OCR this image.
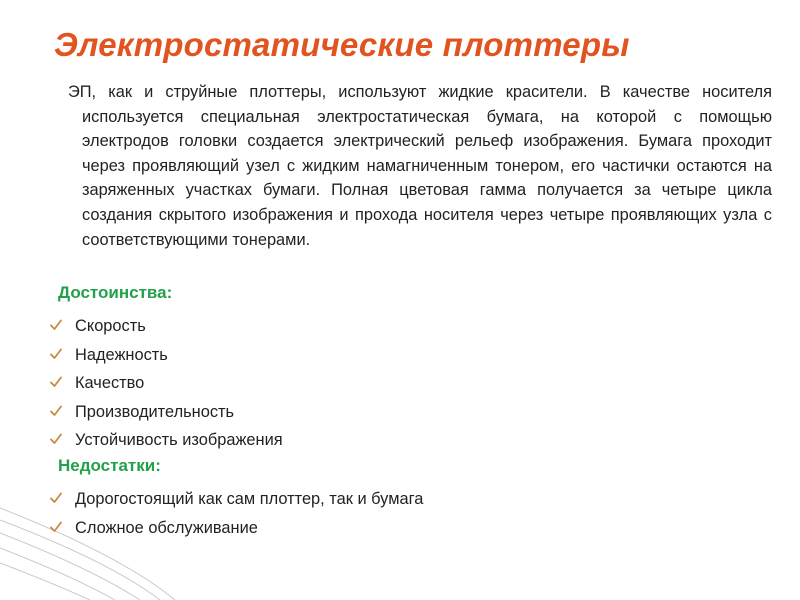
Электростатические плоттеры

ЭП, как и струйные плоттеры, используют жидкие красители. В качестве носителя используется специальная электростатическая бумага, на которой с помощью электродов головки создается электрический рельеф изображения. Бумага проходит через проявляющий узел с жидким намагниченным тонером, его частички остаются на заряженных участках бумаги. Полная цветовая гамма получается за четыре цикла создания скрытого изображения и прохода носителя через четыре проявляющих узла с соответствующими тонерами.

Достоинства:
Скорость
Надежность
Качество
Производительность
Устойчивость изображения
Недостатки:
Дорогостоящий как сам плоттер, так и бумага
Сложное обслуживание
